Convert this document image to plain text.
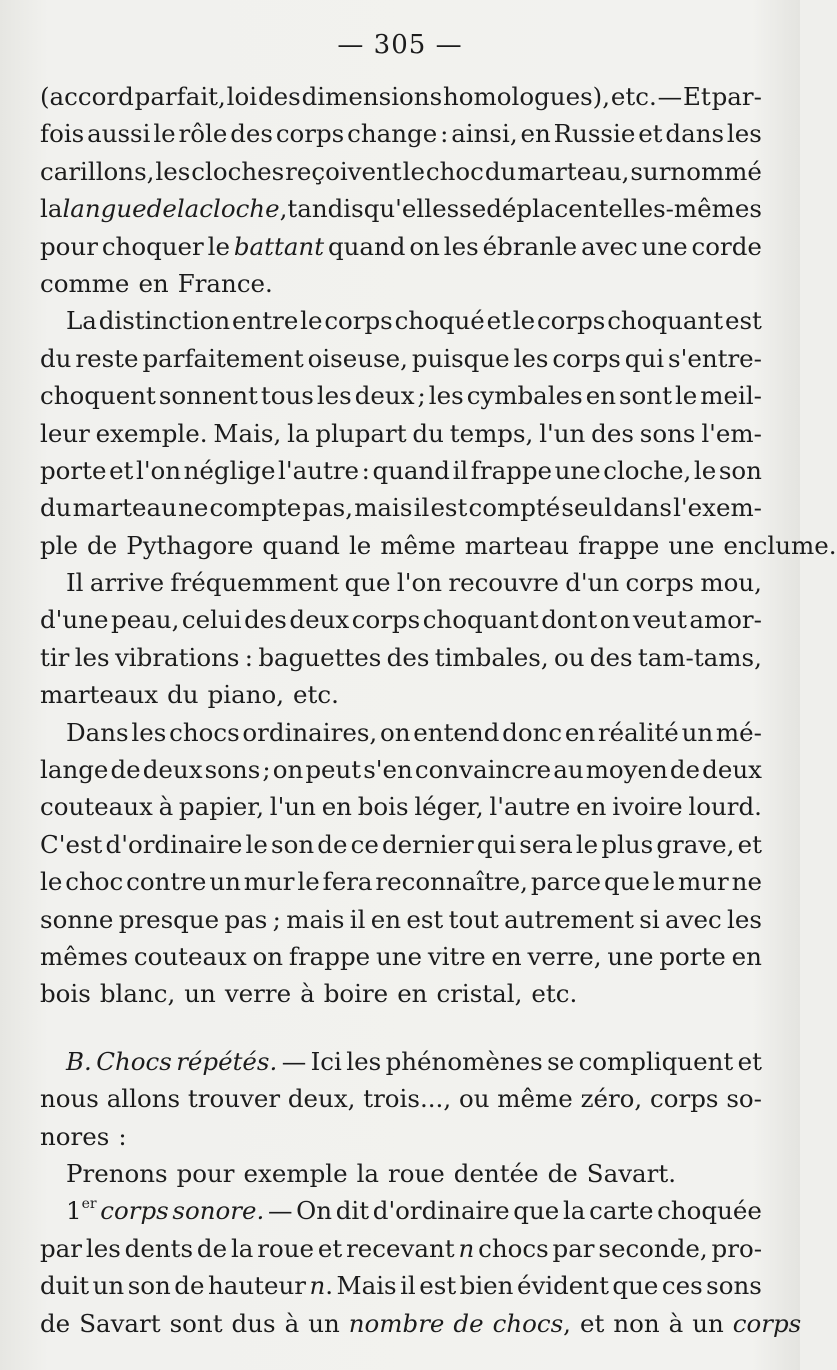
— 305 —
(accord parfait, loi des dimensions homologues), etc. — Et par-
fois aussi le rôle des corps change : ainsi, en Russie et dans les
carillons, les cloches reçoivent le choc du marteau, surnommé
la langue de la cloche, tandis qu'elles se déplacent elles-mêmes
pour choquer le battant quand on les ébranle avec une corde
comme en France.
La distinction entre le corps choqué et le corps choquant est
du reste parfaitement oiseuse, puisque les corps qui s'entre-
choquent sonnent tous les deux ; les cymbales en sont le meil-
leur exemple. Mais, la plupart du temps, l'un des sons l'em-
porte et l'on néglige l'autre : quand il frappe une cloche, le son
du marteau ne compte pas, mais il est compté seul dans l'exem-
ple de Pythagore quand le même marteau frappe une enclume.
Il arrive fréquemment que l'on recouvre d'un corps mou,
d'une peau, celui des deux corps choquant dont on veut amor-
tir les vibrations : baguettes des timbales, ou des tam-tams,
marteaux du piano, etc.
Dans les chocs ordinaires, on entend donc en réalité un mé-
lange de deux sons ; on peut s'en convaincre au moyen de deux
couteaux à papier, l'un en bois léger, l'autre en ivoire lourd.
C'est d'ordinaire le son de ce dernier qui sera le plus grave, et
le choc contre un mur le fera reconnaître, parce que le mur ne
sonne presque pas ; mais il en est tout autrement si avec les
mêmes couteaux on frappe une vitre en verre, une porte en
bois blanc, un verre à boire en cristal, etc.
B. Chocs répétés. — Ici les phénomènes se compliquent et
nous allons trouver deux, trois..., ou même zéro, corps so-
nores :
Prenons pour exemple la roue dentée de Savart.
1er corps sonore. — On dit d'ordinaire que la carte choquée
par les dents de la roue et recevant n chocs par seconde, pro-
duit un son de hauteur n. Mais il est bien évident que ces sons
de Savart sont dus à un nombre de chocs, et non à un corps
